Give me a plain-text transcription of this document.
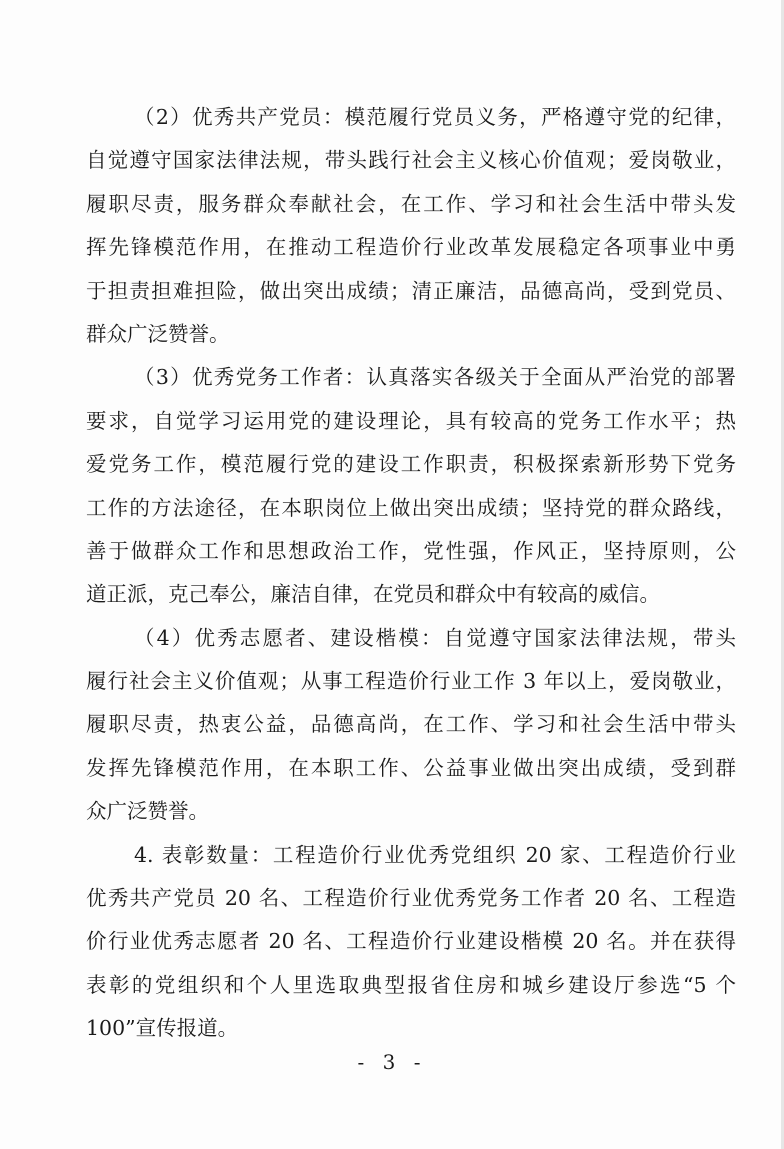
（2）优秀共产党员：模范履行党员义务，严格遵守党的纪律，
自觉遵守国家法律法规，带头践行社会主义核心价值观；爱岗敬业，
履职尽责，服务群众奉献社会，在工作、学习和社会生活中带头发
挥先锋模范作用，在推动工程造价行业改革发展稳定各项事业中勇
于担责担难担险，做出突出成绩；清正廉洁，品德高尚，受到党员、
群众广泛赞誉。
（3）优秀党务工作者：认真落实各级关于全面从严治党的部署
要求，自觉学习运用党的建设理论，具有较高的党务工作水平；热
爱党务工作，模范履行党的建设工作职责，积极探索新形势下党务
工作的方法途径，在本职岗位上做出突出成绩；坚持党的群众路线，
善于做群众工作和思想政治工作，党性强，作风正，坚持原则，公
道正派，克己奉公，廉洁自律，在党员和群众中有较高的威信。
（4）优秀志愿者、建设楷模：自觉遵守国家法律法规，带头
履行社会主义价值观；从事工程造价行业工作 3 年以上，爱岗敬业，
履职尽责，热衷公益，品德高尚，在工作、学习和社会生活中带头
发挥先锋模范作用，在本职工作、公益事业做出突出成绩，受到群
众广泛赞誉。
4. 表彰数量：工程造价行业优秀党组织 20 家、工程造价行业
优秀共产党员 20 名、工程造价行业优秀党务工作者 20 名、工程造
价行业优秀志愿者 20 名、工程造价行业建设楷模 20 名。并在获得
表彰的党组织和个人里选取典型报省住房和城乡建设厅参选“5 个
100”宣传报道。
- 3 -
